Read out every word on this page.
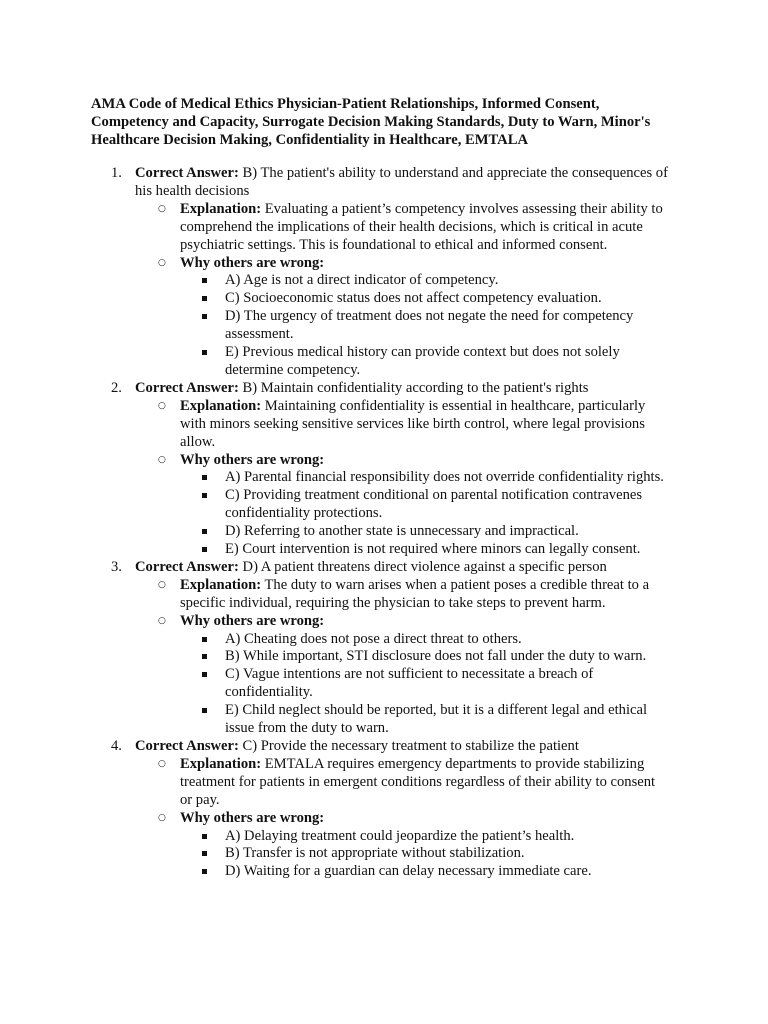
AMA Code of Medical Ethics Physician-Patient Relationships, Informed Consent, Competency and Capacity, Surrogate Decision Making Standards, Duty to Warn, Minor's Healthcare Decision Making, Confidentiality in Healthcare, EMTALA
1. Correct Answer: B) The patient's ability to understand and appreciate the consequences of his health decisions
○ Explanation: Evaluating a patient’s competency involves assessing their ability to comprehend the implications of their health decisions, which is critical in acute psychiatric settings. This is foundational to ethical and informed consent.
○ Why others are wrong:
A) Age is not a direct indicator of competency.
C) Socioeconomic status does not affect competency evaluation.
D) The urgency of treatment does not negate the need for competency assessment.
E) Previous medical history can provide context but does not solely determine competency.
2. Correct Answer: B) Maintain confidentiality according to the patient's rights
○ Explanation: Maintaining confidentiality is essential in healthcare, particularly with minors seeking sensitive services like birth control, where legal provisions allow.
○ Why others are wrong:
A) Parental financial responsibility does not override confidentiality rights.
C) Providing treatment conditional on parental notification contravenes confidentiality protections.
D) Referring to another state is unnecessary and impractical.
E) Court intervention is not required where minors can legally consent.
3. Correct Answer: D) A patient threatens direct violence against a specific person
○ Explanation: The duty to warn arises when a patient poses a credible threat to a specific individual, requiring the physician to take steps to prevent harm.
○ Why others are wrong:
A) Cheating does not pose a direct threat to others.
B) While important, STI disclosure does not fall under the duty to warn.
C) Vague intentions are not sufficient to necessitate a breach of confidentiality.
E) Child neglect should be reported, but it is a different legal and ethical issue from the duty to warn.
4. Correct Answer: C) Provide the necessary treatment to stabilize the patient
○ Explanation: EMTALA requires emergency departments to provide stabilizing treatment for patients in emergent conditions regardless of their ability to consent or pay.
○ Why others are wrong:
A) Delaying treatment could jeopardize the patient’s health.
B) Transfer is not appropriate without stabilization.
D) Waiting for a guardian can delay necessary immediate care.
